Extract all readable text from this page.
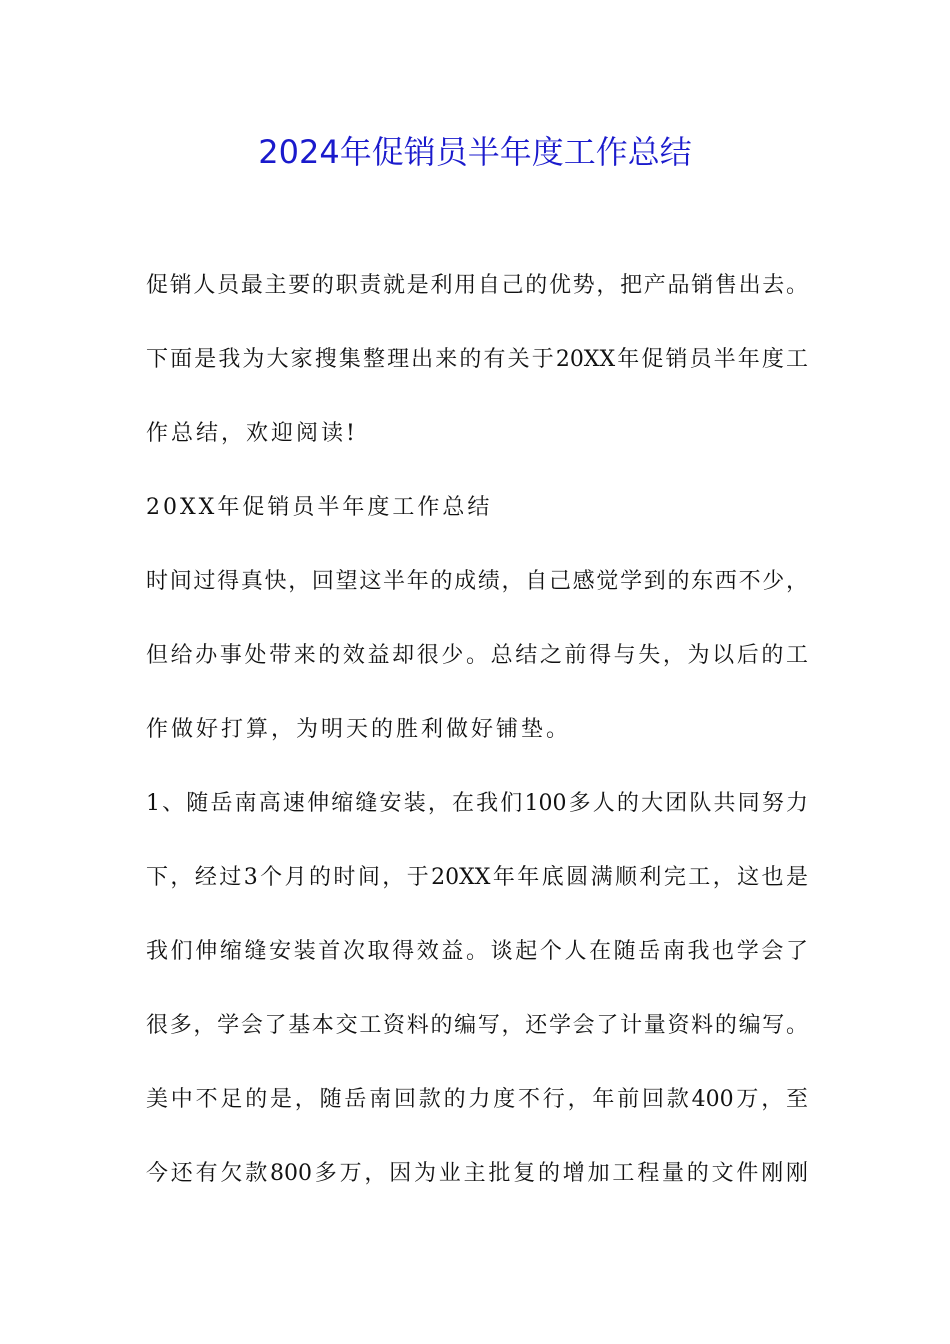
2024年促销员半年度工作总结
促销人员最主要的职责就是利用自己的优势，把产品销售出去。
下面是我为大家搜集整理出来的有关于20XX年促销员半年度工
作总结，欢迎阅读!
20XX年促销员半年度工作总结
时间过得真快，回望这半年的成绩，自己感觉学到的东西不少，
但给办事处带来的效益却很少。总结之前得与失，为以后的工
作做好打算，为明天的胜利做好铺垫。
1、随岳南高速伸缩缝安装，在我们100多人的大团队共同努力
下，经过3个月的时间，于20XX年年底圆满顺利完工，这也是
我们伸缩缝安装首次取得效益。谈起个人在随岳南我也学会了
很多，学会了基本交工资料的编写，还学会了计量资料的编写。
美中不足的是，随岳南回款的力度不行，年前回款400万，至
今还有欠款800多万，因为业主批复的增加工程量的文件刚刚
